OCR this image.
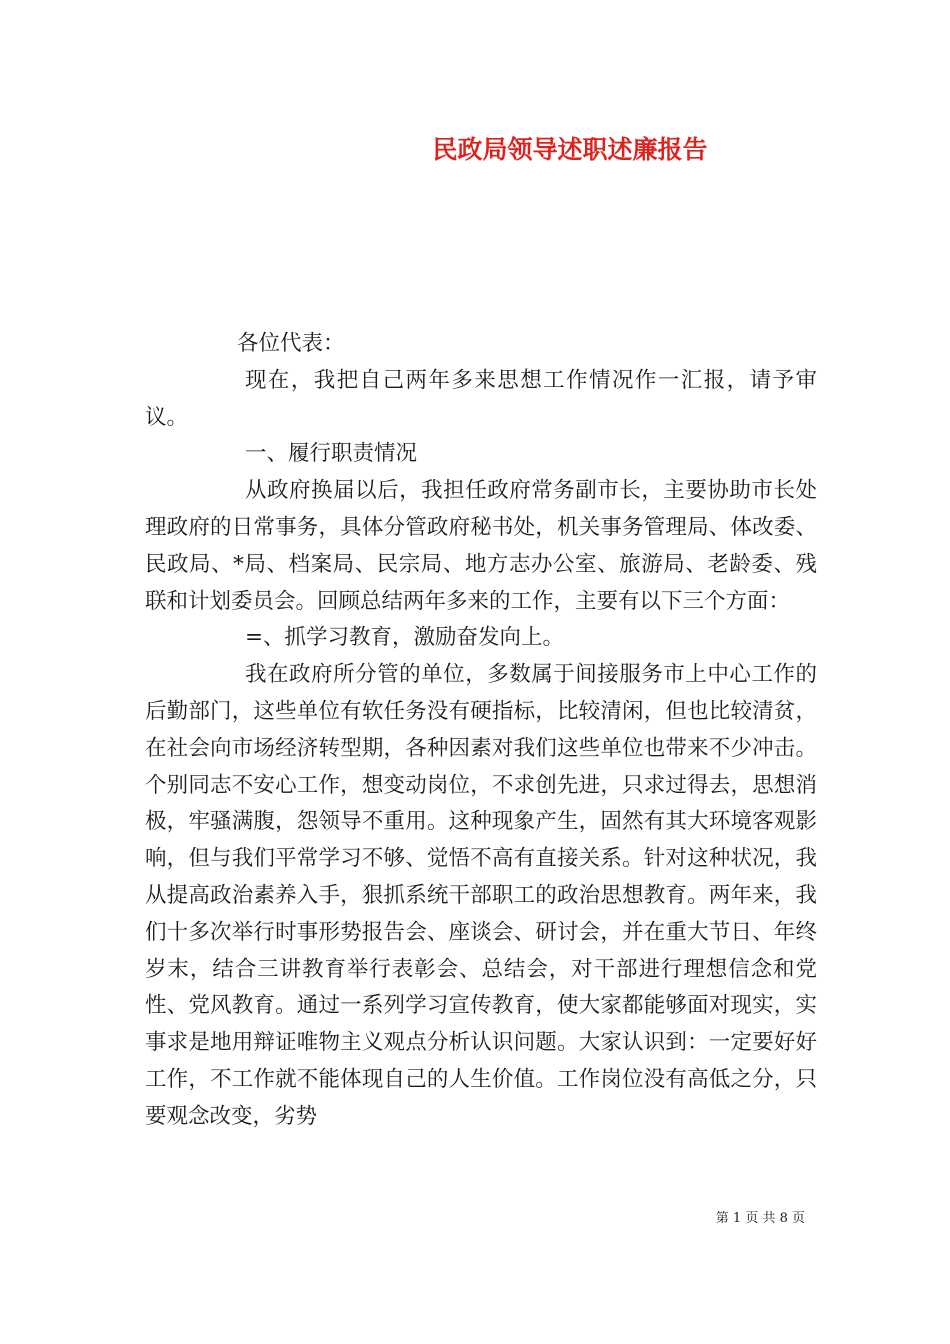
民政局领导述职述廉报告

各位代表：

现在，我把自己两年多来思想工作情况作一汇报，请予审议。

一、履行职责情况

从政府换届以后，我担任政府常务副市长，主要协助市长处理政府的日常事务，具体分管政府秘书处，机关事务管理局、体改委、民政局、*局、档案局、民宗局、地方志办公室、旅游局、老龄委、残联和计划委员会。回顾总结两年多来的工作，主要有以下三个方面：

=、抓学习教育，激励奋发向上。

我在政府所分管的单位，多数属于间接服务市上中心工作的后勤部门，这些单位有软任务没有硬指标，比较清闲，但也比较清贫，在社会向市场经济转型期，各种因素对我们这些单位也带来不少冲击。个别同志不安心工作，想变动岗位，不求创先进，只求过得去，思想消极，牢骚满腹，怨领导不重用。这种现象产生，固然有其大环境客观影响，但与我们平常学习不够、觉悟不高有直接关系。针对这种状况，我从提高政治素养入手，狠抓系统干部职工的政治思想教育。两年来，我们十多次举行时事形势报告会、座谈会、研讨会，并在重大节日、年终岁末，结合三讲教育举行表彰会、总结会，对干部进行理想信念和党性、党风教育。通过一系列学习宣传教育，使大家都能够面对现实，实事求是地用辩证唯物主义观点分析认识问题。大家认识到：一定要好好工作，不工作就不能体现自己的人生价值。工作岗位没有高低之分，只要观念改变，劣势

第 1 页 共 8 页
